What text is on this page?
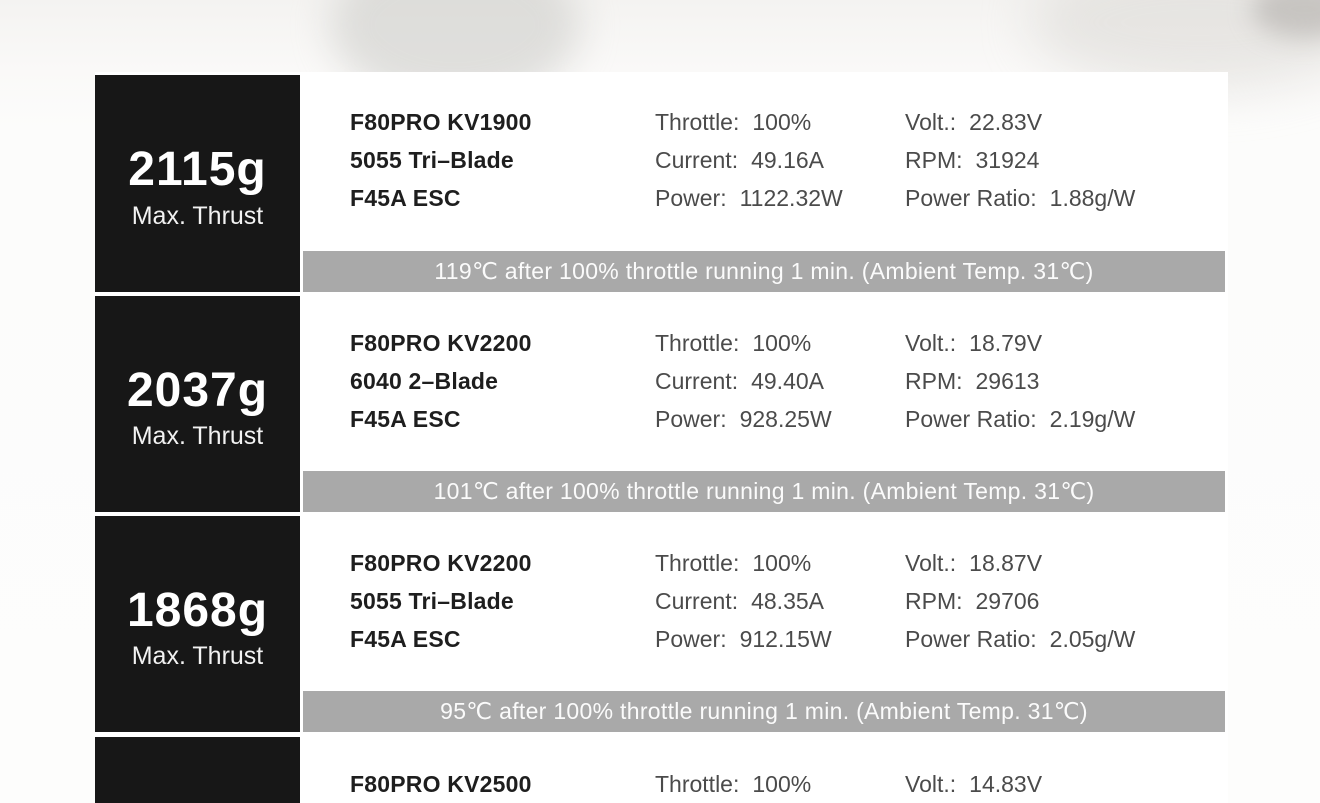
2115g
Max. Thrust
F80PRO KV1900
5055 Tri–Blade
F45A ESC
Throttle: 100%
Current: 49.16A
Power: 1122.32W
Volt.: 22.83V
RPM: 31924
Power Ratio: 1.88g/W
119℃ after 100% throttle running 1 min. (Ambient Temp. 31℃)
2037g
Max. Thrust
F80PRO KV2200
6040 2–Blade
F45A ESC
Throttle: 100%
Current: 49.40A
Power: 928.25W
Volt.: 18.79V
RPM: 29613
Power Ratio: 2.19g/W
101℃ after 100% throttle running 1 min. (Ambient Temp. 31℃)
1868g
Max. Thrust
F80PRO KV2200
5055 Tri–Blade
F45A ESC
Throttle: 100%
Current: 48.35A
Power: 912.15W
Volt.: 18.87V
RPM: 29706
Power Ratio: 2.05g/W
95℃ after 100% throttle running 1 min. (Ambient Temp. 31℃)
F80PRO KV2500	Throttle: 100%	Volt.: 14.83V
